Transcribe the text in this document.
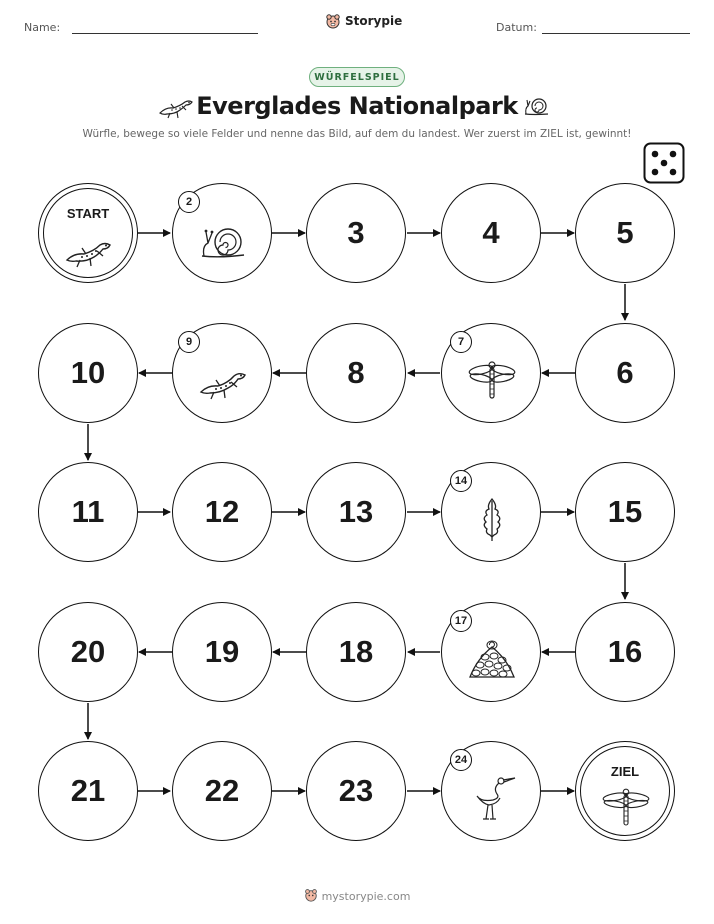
Name:	Storypie	Datum:
WÜRFELSPIEL
Everglades Nationalpark
Würfle, bewege so viele Felder und nenne das Bild, auf dem du landest. Wer zuerst im ZIEL ist, gewinnt!
START
2
3	4	5
10
9
8
7
6
11	12	13
14
15
20	19	18
17
16
21	22	23
24
ZIEL
mystorypie.com
